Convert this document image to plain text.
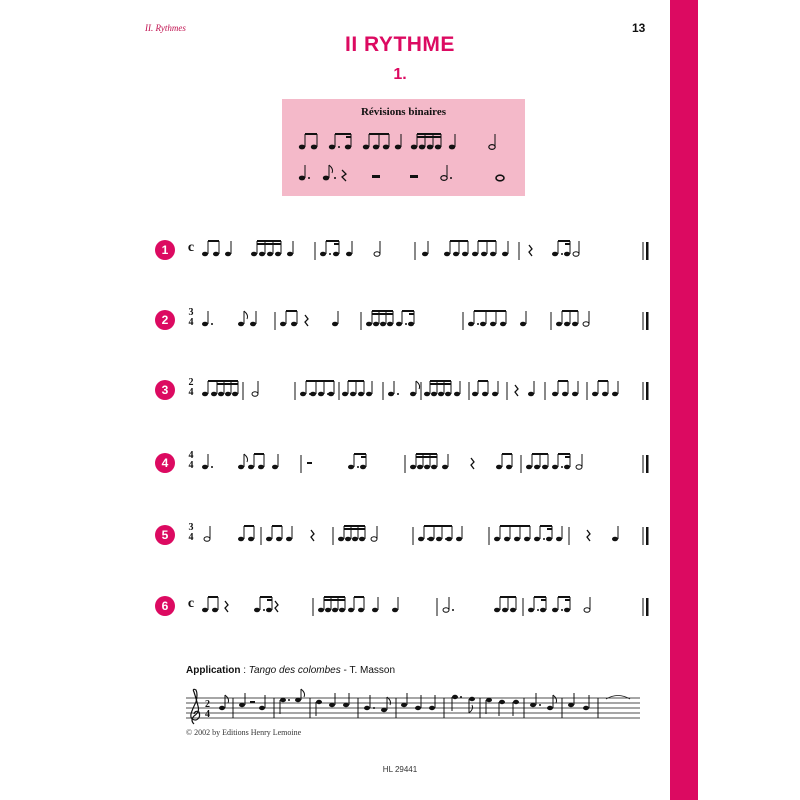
II. Rythmes	13
II RYTHME
1.
Révisions binaires
1	c
2
3
4
3
2
4
4
4
4
5
3
4
6	c
Application : Tango des colombes - T. Masson
2
4
© 2002 by Editions Henry Lemoine
HL 29441
